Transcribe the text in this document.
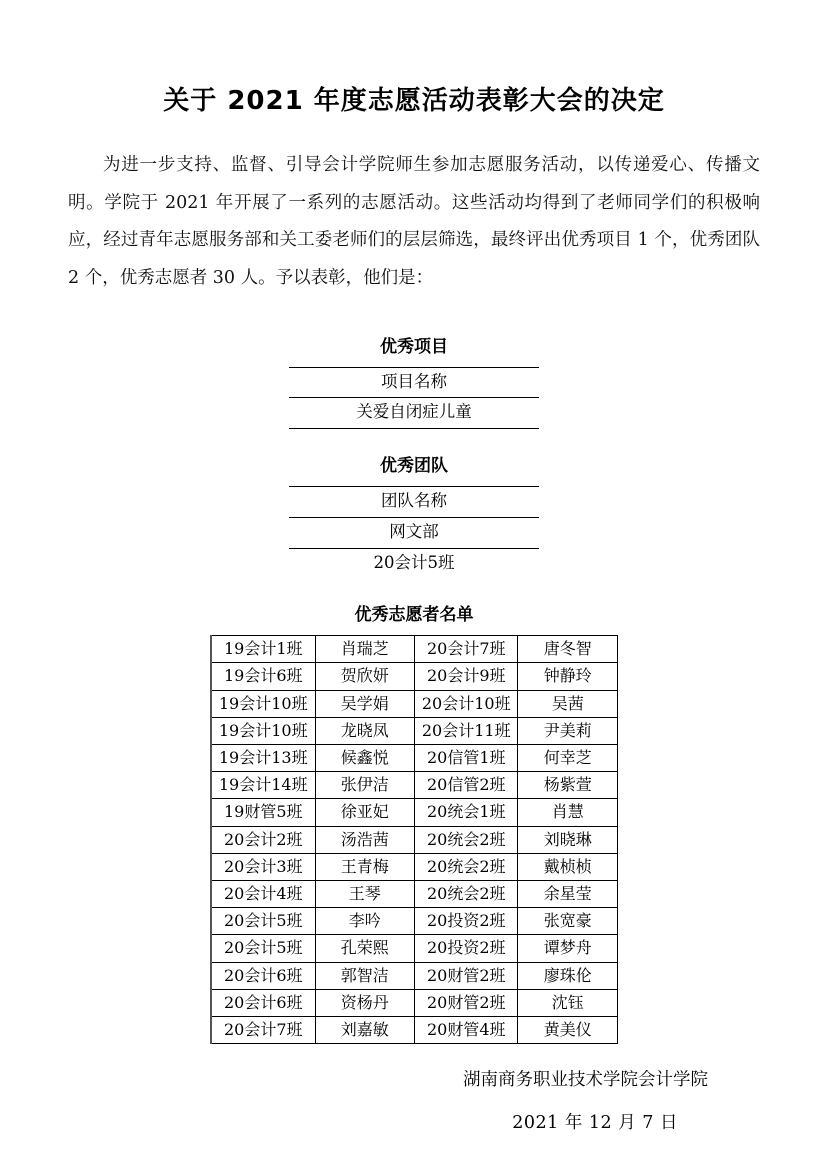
关于 2021 年度志愿活动表彰大会的决定

为进一步支持、监督、引导会计学院师生参加志愿服务活动，以传递爱心、传播文明。学院于 2021 年开展了一系列的志愿活动。这些活动均得到了老师同学们的积极响应，经过青年志愿服务部和关工委老师们的层层筛选，最终评出优秀项目 1 个，优秀团队 2 个，优秀志愿者 30 人。予以表彰，他们是：

优秀项目
项目名称
关爱自闭症儿童
优秀团队
团队名称
网文部
20会计5班
优秀志愿者名单
19会计1班	肖瑞芝	20会计7班	唐冬智
19会计6班	贺欣妍	20会计9班	钟静玲
19会计10班	吴学娟	20会计10班	吴茜
19会计10班	龙晓凤	20会计11班	尹美莉
19会计13班	候鑫悦	20信管1班	何幸芝
19会计14班	张伊洁	20信管2班	杨紫萱
19财管5班	徐亚妃	20统会1班	肖慧
20会计2班	汤浩茜	20统会2班	刘晓琳
20会计3班	王青梅	20统会2班	戴桢桢
20会计4班	王琴	20统会2班	余星莹
20会计5班	李吟	20投资2班	张宽豪
20会计5班	孔荣熙	20投资2班	谭梦舟
20会计6班	郭智洁	20财管2班	廖珠伦
20会计6班	资杨丹	20财管2班	沈钰
20会计7班	刘嘉敏	20财管4班	黄美仪
湖南商务职业技术学院会计学院
2021 年 12 月 7 日
